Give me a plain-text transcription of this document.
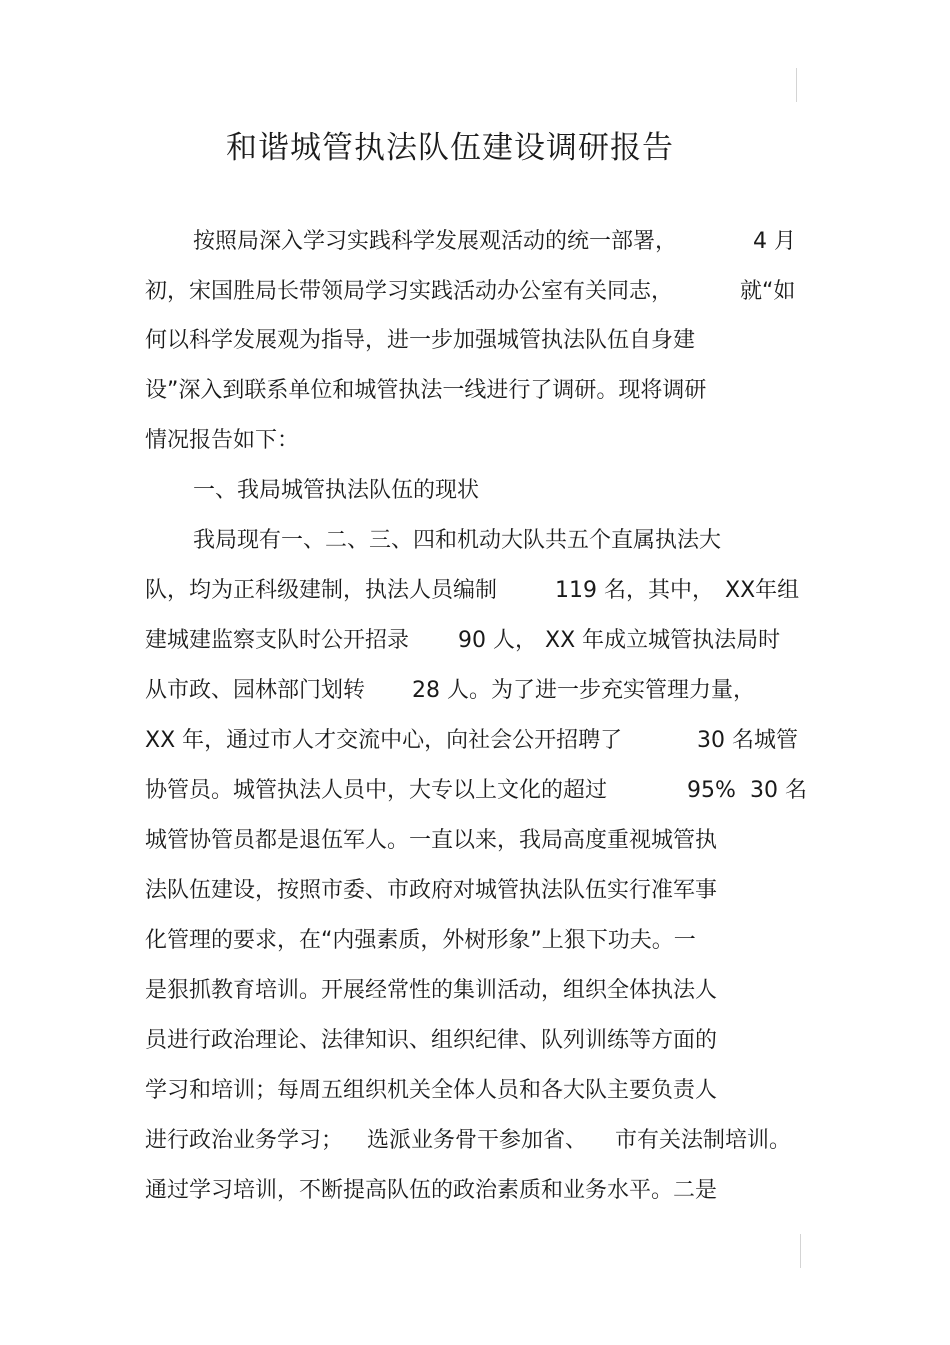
和谐城管执法队伍建设调研报告
按照局深入学习实践科学发展观活动的统一部署，	4 月
初，宋国胜局长带领局学习实践活动办公室有关同志，	就“如
何以科学发展观为指导，进一步加强城管执法队伍自身建
设”深入到联系单位和城管执法一线进行了调研。现将调研
情况报告如下：
一、我局城管执法队伍的现状
我局现有一、二、三、四和机动大队共五个直属执法大
队，均为正科级建制，执法人员编制	119 名，其中， XX年组
建城建监察支队时公开招录 90 人， XX 年成立城管执法局时
从市政、园林部门划转 28 人。为了进一步充实管理力量，
XX 年，通过市人才交流中心，向社会公开招聘了	30 名城管
协管员。城管执法人员中，大专以上文化的超过	95% 30 名
城管协管员都是退伍军人。一直以来，我局高度重视城管执
法队伍建设，按照市委、市政府对城管执法队伍实行准军事
化管理的要求，在“内强素质，外树形象”上狠下功夫。一
是狠抓教育培训。开展经常性的集训活动，组织全体执法人
员进行政治理论、法律知识、组织纪律、队列训练等方面的
学习和培训；每周五组织机关全体人员和各大队主要负责人
进行政治业务学习； 选派业务骨干参加省、 市有关法制培训。
通过学习培训，不断提高队伍的政治素质和业务水平。二是
